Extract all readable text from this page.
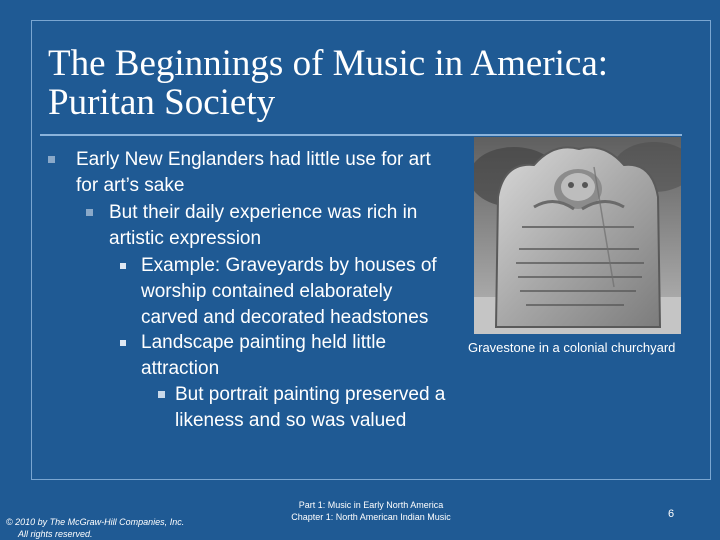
The Beginnings of Music in America:
Puritan Society
Early New Englanders had little use for art
for art’s sake
But their daily experience was rich in
artistic expression
Example: Graveyards by houses of
worship contained elaborately
carved and decorated headstones
Landscape painting held little
attraction
But portrait painting preserved a
likeness and so was valued
Gravestone in a colonial churchyard
© 2010 by The McGraw-Hill Companies, Inc.
All rights reserved.
Part 1: Music in Early North America
Chapter 1: North American Indian Music	6
